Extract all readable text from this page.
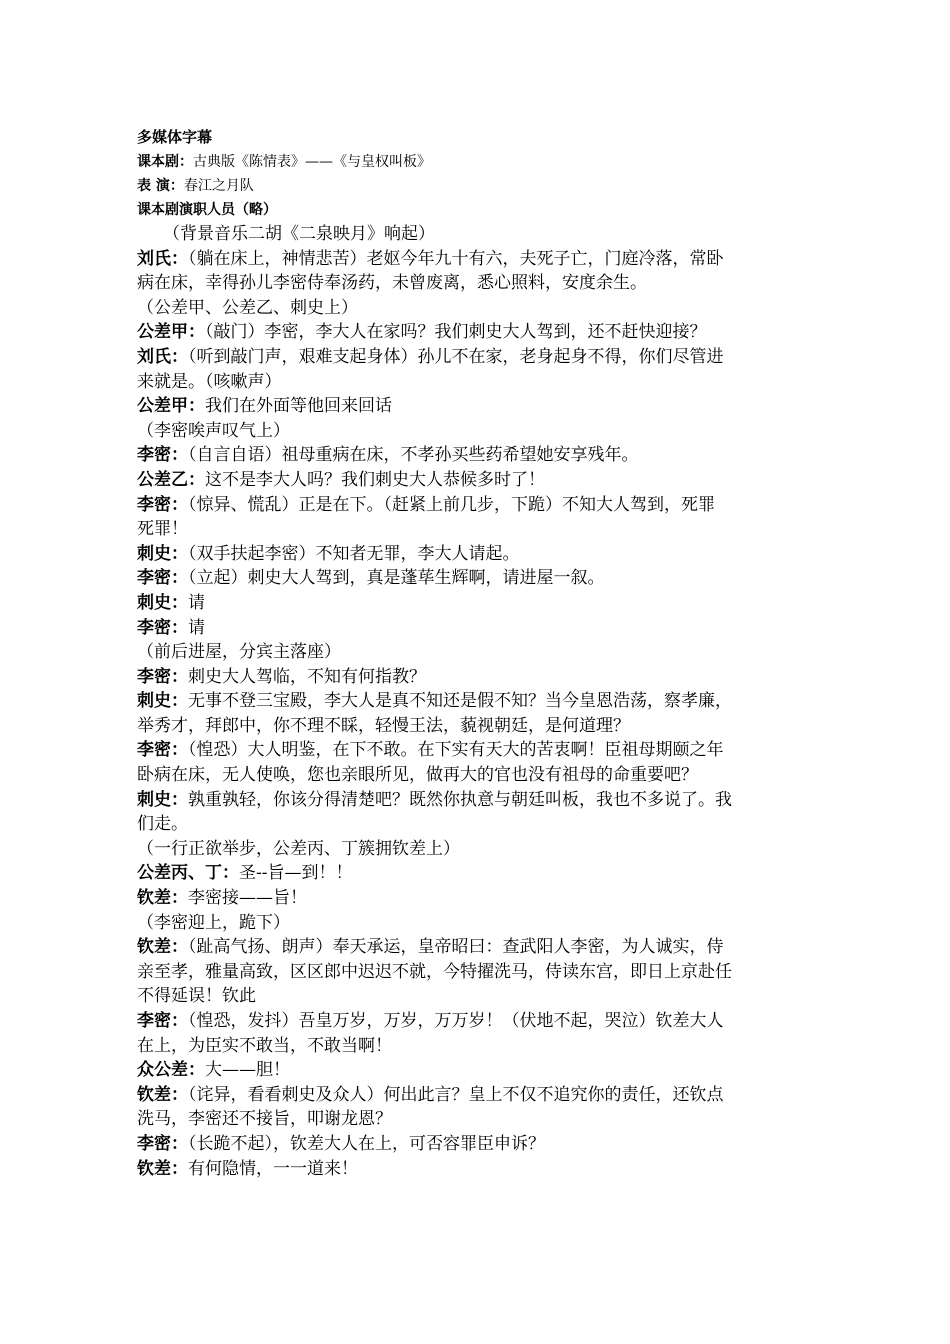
多媒体字幕
课本剧：古典版《陈情表》——《与皇权叫板》
表 演：春江之月队
课本剧演职人员（略）
（背景音乐二胡《二泉映月》响起）
刘氏：（躺在床上，神情悲苦）老妪今年九十有六，夫死子亡，门庭冷落，常卧
病在床，幸得孙儿李密侍奉汤药，未曾废离，悉心照料，安度余生。
（公差甲、公差乙、刺史上）
公差甲：（敲门）李密，李大人在家吗？我们刺史大人驾到，还不赶快迎接？
刘氏：（听到敲门声，艰难支起身体）孙儿不在家，老身起身不得，你们尽管进
来就是。（咳嗽声）
公差甲：我们在外面等他回来回话
（李密唉声叹气上）
李密：（自言自语）祖母重病在床，不孝孙买些药希望她安享残年。
公差乙：这不是李大人吗？我们刺史大人恭候多时了！
李密：（惊异、慌乱）正是在下。（赶紧上前几步，下跪）不知大人驾到，死罪
死罪！
刺史：（双手扶起李密）不知者无罪，李大人请起。
李密：（立起）刺史大人驾到，真是蓬荜生辉啊，请进屋一叙。
刺史：请
李密：请
（前后进屋，分宾主落座）
李密：刺史大人驾临，不知有何指教？
刺史：无事不登三宝殿，李大人是真不知还是假不知？当今皇恩浩荡，察孝廉，
举秀才，拜郎中，你不理不睬，轻慢王法，藐视朝廷，是何道理？
李密：（惶恐）大人明鉴，在下不敢。在下实有天大的苦衷啊！臣祖母期颐之年
卧病在床，无人使唤，您也亲眼所见，做再大的官也没有祖母的命重要吧？
刺史：孰重孰轻，你该分得清楚吧？既然你执意与朝廷叫板，我也不多说了。我
们走。
（一行正欲举步，公差丙、丁簇拥钦差上）
公差丙、丁：圣--旨—到！！
钦差：李密接——旨！
（李密迎上，跪下）
钦差：（趾高气扬、朗声）奉天承运，皇帝昭曰：查武阳人李密，为人诚实，侍
亲至孝，雅量高致，区区郎中迟迟不就，今特擢洗马，侍读东宫，即日上京赴任
不得延误！钦此
李密：（惶恐，发抖）吾皇万岁，万岁，万万岁！（伏地不起，哭泣）钦差大人
在上，为臣实不敢当，不敢当啊！
众公差：大——胆！
钦差：（诧异，看看刺史及众人）何出此言？皇上不仅不追究你的责任，还钦点
洗马，李密还不接旨，叩谢龙恩？
李密：（长跪不起），钦差大人在上，可否容罪臣申诉？
钦差：有何隐情，一一道来！
